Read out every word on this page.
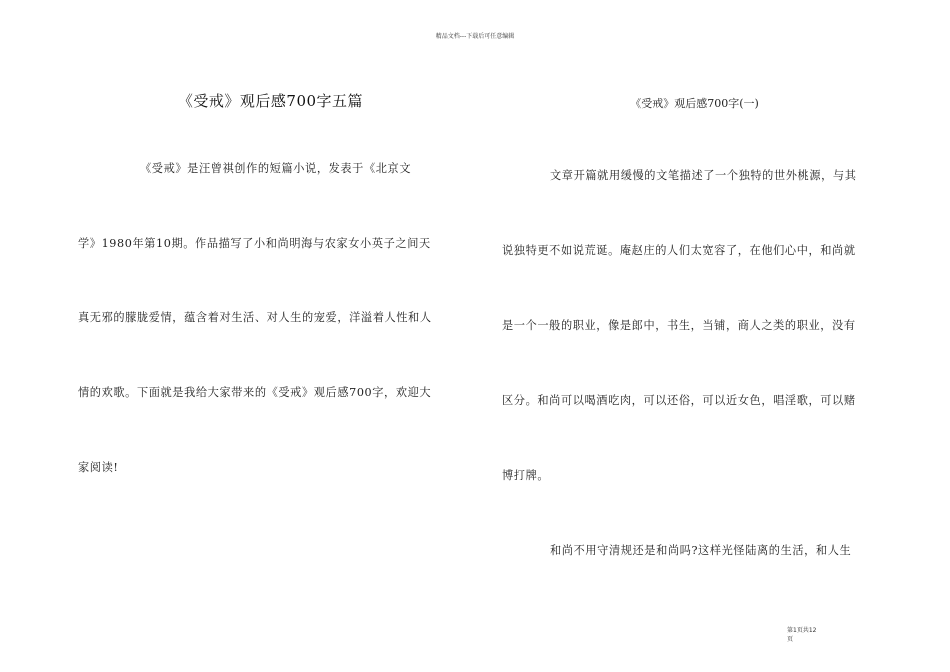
精品文档---下载后可任意编辑
《受戒》观后感700字五篇
《受戒》是汪曾祺创作的短篇小说，发表于《北京文
学》1980年第10期。作品描写了小和尚明海与农家女小英子之间天
真无邪的朦胧爱情，蕴含着对生活、对人生的宠爱，洋溢着人性和人
情的欢歌。下面就是我给大家带来的《受戒》观后感700字，欢迎大
家阅读!
《受戒》观后感700字(一)
文章开篇就用缓慢的文笔描述了一个独特的世外桃源，与其
说独特更不如说荒诞。庵赵庄的人们太宽容了，在他们心中，和尚就
是一个一般的职业，像是郎中，书生，当铺，商人之类的职业，没有
区分。和尚可以喝酒吃肉，可以还俗，可以近女色，唱淫歌，可以赌
博打牌。
和尚不用守清规还是和尚吗?这样光怪陆离的生活，和人生
第1页共12
页
